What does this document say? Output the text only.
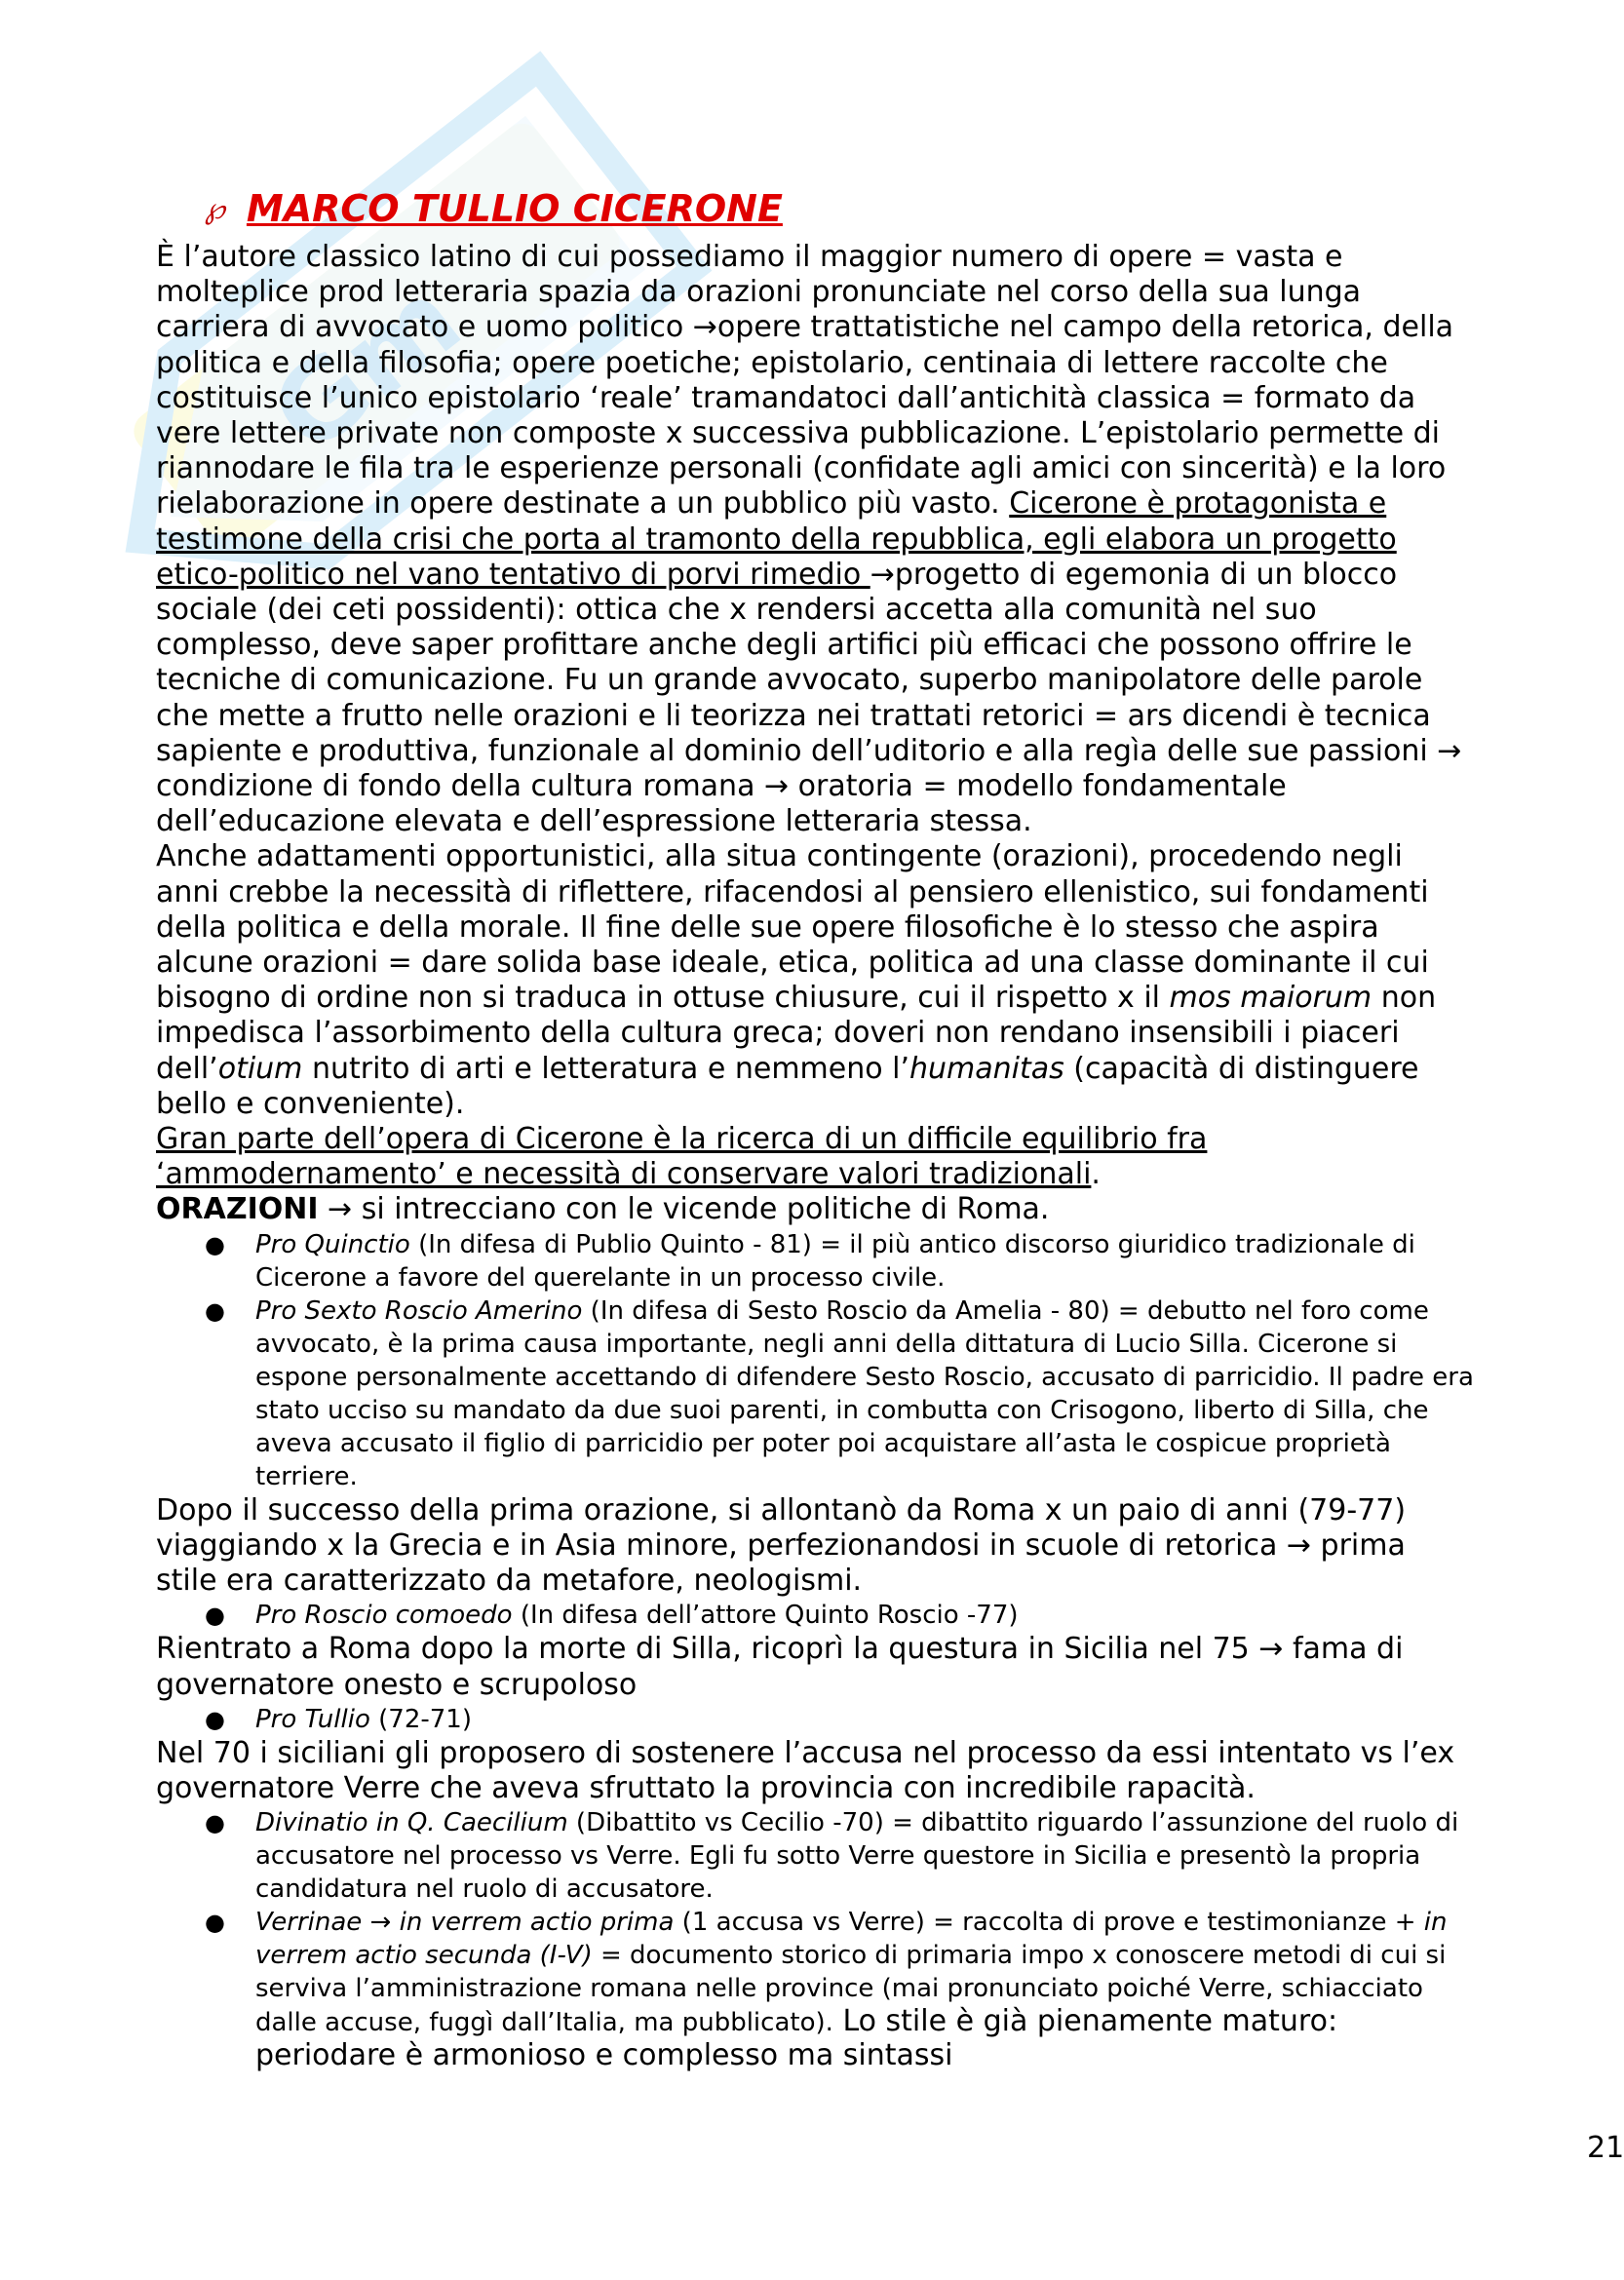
Gm
℘ MARCO TULLIO CICERONE

È l’autore classico latino di cui possediamo il maggior numero di opere = vasta e molteplice prod letteraria spazia da orazioni pronunciate nel corso della sua lunga carriera di avvocato e uomo politico →opere trattatistiche nel campo della retorica, della politica e della filosofia; opere poetiche; epistolario, centinaia di lettere raccolte che costituisce l’unico epistolario ‘reale’ tramandatoci dall’antichità classica = formato da vere lettere private non composte x successiva pubblicazione. L’epistolario permette di riannodare le fila tra le esperienze personali (confidate agli amici con sincerità) e la loro rielaborazione in opere destinate a un pubblico più vasto. Cicerone è protagonista e testimone della crisi che porta al tramonto della repubblica, egli elabora un progetto etico-politico nel vano tentativo di porvi rimedio →progetto di egemonia di un blocco sociale (dei ceti possidenti): ottica che x rendersi accetta alla comunità nel suo complesso, deve saper profittare anche degli artifici più efficaci che possono offrire le tecniche di comunicazione. Fu un grande avvocato, superbo manipolatore delle parole che mette a frutto nelle orazioni e li teorizza nei trattati retorici = ars dicendi è tecnica sapiente e produttiva, funzionale al dominio dell’uditorio e alla regìa delle sue passioni → condizione di fondo della cultura romana → oratoria = modello fondamentale dell’educazione elevata e dell’espressione letteraria stessa.

Anche adattamenti opportunistici, alla situa contingente (orazioni), procedendo negli anni crebbe la necessità di riflettere, rifacendosi al pensiero ellenistico, sui fondamenti della politica e della morale. Il fine delle sue opere filosofiche è lo stesso che aspira alcune orazioni = dare solida base ideale, etica, politica ad una classe dominante il cui bisogno di ordine non si traduca in ottuse chiusure, cui il rispetto x il mos maiorum non impedisca l’assorbimento della cultura greca; doveri non rendano insensibili i piaceri dell’otium nutrito di arti e letteratura e nemmeno l’humanitas (capacità di distinguere bello e conveniente).

Gran parte dell’opera di Cicerone è la ricerca di un difficile equilibrio fra ‘ammodernamento’ e necessità di conservare valori tradizionali.

ORAZIONI → si intrecciano con le vicende politiche di Roma.

● Pro Quinctio (In difesa di Publio Quinto - 81) = il più antico discorso giuridico tradizionale di Cicerone a favore del querelante in un processo civile.
● Pro Sexto Roscio Amerino (In difesa di Sesto Roscio da Amelia - 80) = debutto nel foro come avvocato, è la prima causa importante, negli anni della dittatura di Lucio Silla. Cicerone si espone personalmente accettando di difendere Sesto Roscio, accusato di parricidio. Il padre era stato ucciso su mandato da due suoi parenti, in combutta con Crisogono, liberto di Silla, che aveva accusato il figlio di parricidio per poter poi acquistare all’asta le cospicue proprietà terriere.

Dopo il successo della prima orazione, si allontanò da Roma x un paio di anni (79-77) viaggiando x la Grecia e in Asia minore, perfezionandosi in scuole di retorica → prima stile era caratterizzato da metafore, neologismi.

● Pro Roscio comoedo (In difesa dell’attore Quinto Roscio -77)

Rientrato a Roma dopo la morte di Silla, ricoprì la questura in Sicilia nel 75 → fama di governatore onesto e scrupoloso

● Pro Tullio (72-71)

Nel 70 i siciliani gli proposero di sostenere l’accusa nel processo da essi intentato vs l’ex governatore Verre che aveva sfruttato la provincia con incredibile rapacità.

● Divinatio in Q. Caecilium (Dibattito vs Cecilio -70) = dibattito riguardo l’assunzione del ruolo di accusatore nel processo vs Verre. Egli fu sotto Verre questore in Sicilia e presentò la propria candidatura nel ruolo di accusatore.
● Verrinae → in verrem actio prima (1 accusa vs Verre) = raccolta di prove e testimonianze + in verrem actio secunda (I-V) = documento storico di primaria impo x conoscere metodi di cui si serviva l’amministrazione romana nelle province (mai pronunciato poiché Verre, schiacciato dalle accuse, fuggì dall’Italia, ma pubblicato). Lo stile è già pienamente maturo: periodare è armonioso e complesso ma sintassi
21
